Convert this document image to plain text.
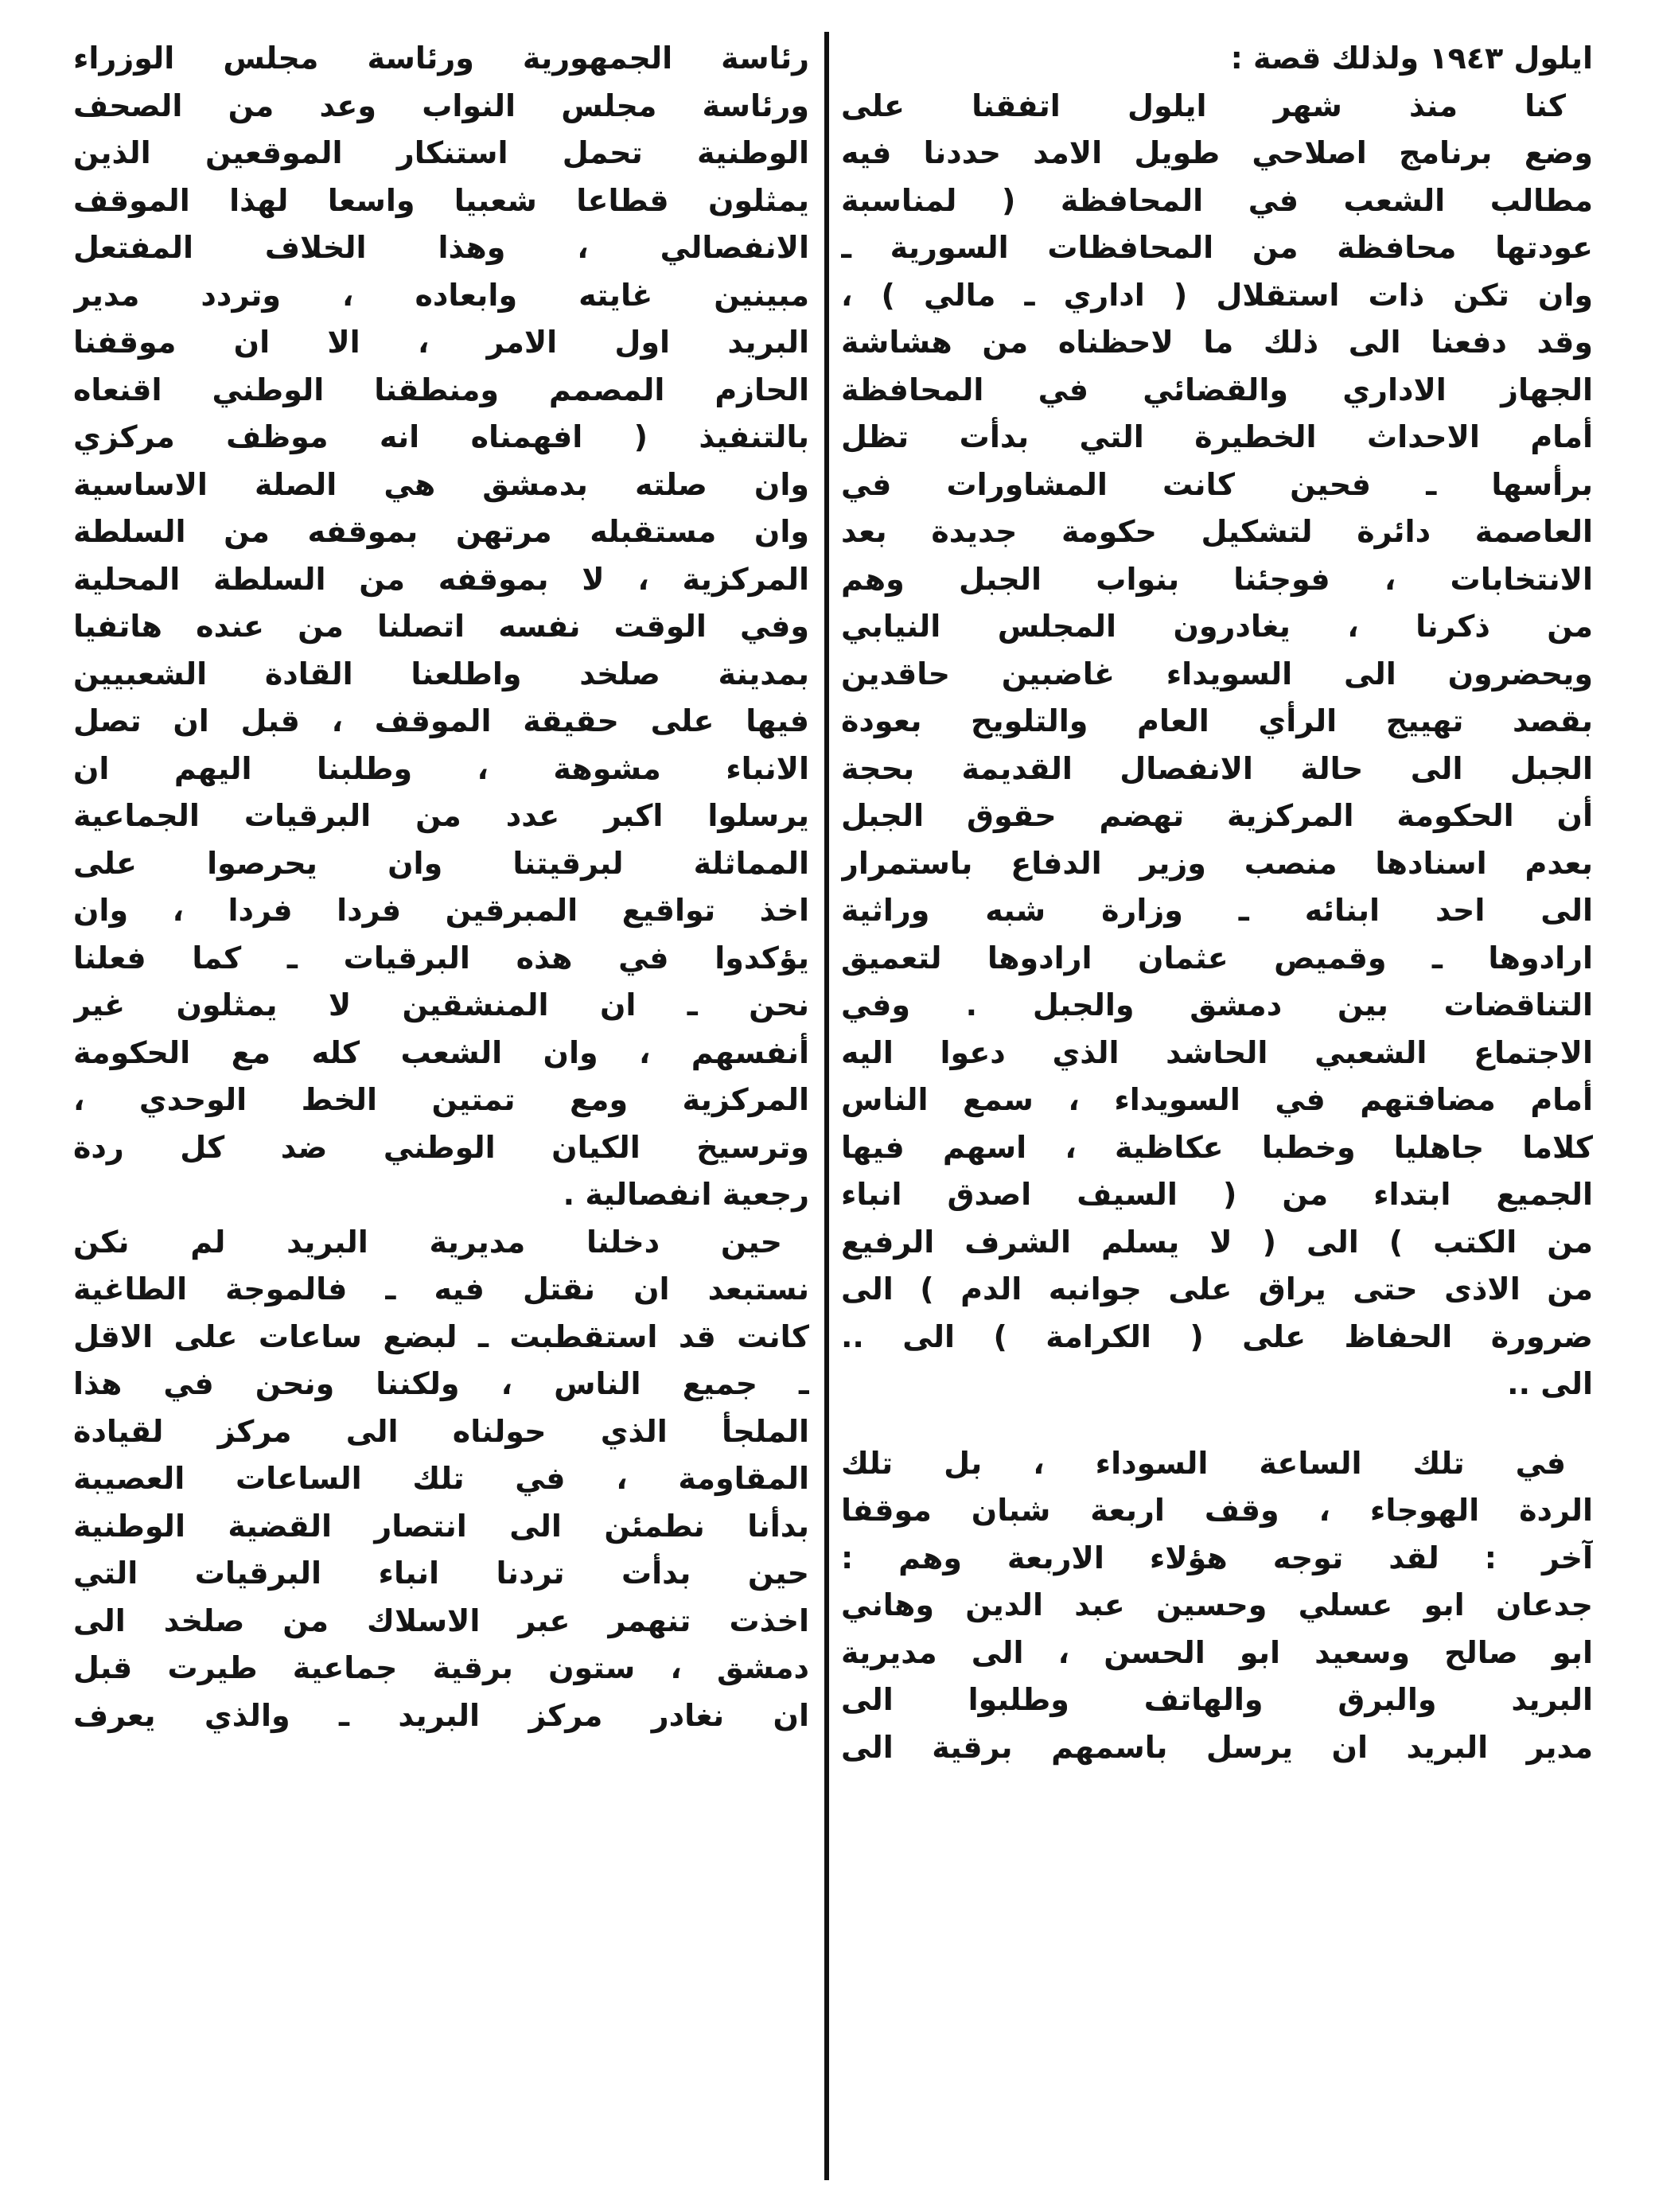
ايلول ١٩٤٣ ولذلك قصة :
كنا منذ شهر ايلول اتفقنا على
وضع برنامج اصلاحي طويل الامد حددنا فيه
مطالب الشعب في المحافظة ( لمناسبة
عودتها محافظة من المحافظات السورية ـ
وان تكن ذات استقلال ( اداري ـ مالي ) ،
وقد دفعنا الى ذلك ما لاحظناه من هشاشة
الجهاز الاداري والقضائي في المحافظة
أمام الاحداث الخطيرة التي بدأت تظل
برأسها ـ فحين كانت المشاورات في
العاصمة دائرة لتشكيل حكومة جديدة بعد
الانتخابات ، فوجئنا بنواب الجبل وهم
من ذكرنا ، يغادرون المجلس النيابي
ويحضرون الى السويداء غاضبين حاقدين
بقصد تهييج الرأي العام والتلويح بعودة
الجبل الى حالة الانفصال القديمة بحجة
أن الحكومة المركزية تهضم حقوق الجبل
بعدم اسنادها منصب وزير الدفاع باستمرار
الى احد ابنائه ـ وزارة شبه وراثية
ارادوها ـ وقميص عثمان ارادوها لتعميق
التناقضات بين دمشق والجبل . وفي
الاجتماع الشعبي الحاشد الذي دعوا اليه
أمام مضافتهم في السويداء ، سمع الناس
كلاما جاهليا وخطبا عكاظية ، اسهم فيها
الجميع ابتداء من ( السيف اصدق انباء
من الكتب ) الى ( لا يسلم الشرف الرفيع
من الاذى حتى يراق على جوانبه الدم ) الى
ضرورة الحفاظ على ( الكرامة ) الى ..
الى ..
في تلك الساعة السوداء ، بل تلك
الردة الهوجاء ، وقف اربعة شبان موقفا
آخر : لقد توجه هؤلاء الاربعة وهم :
جدعان ابو عسلي وحسين عبد الدين وهاني
ابو صالح وسعيد ابو الحسن ، الى مديرية
البريد والبرق والهاتف وطلبوا الى
مدير البريد ان يرسل باسمهم برقية الى
رئاسة الجمهورية ورئاسة مجلس الوزراء
ورئاسة مجلس النواب وعد من الصحف
الوطنية تحمل استنكار الموقعين الذين
يمثلون قطاعا شعبيا واسعا لهذا الموقف
الانفصالي ، وهذا الخلاف المفتعل
مبينين غايته وابعاده ، وتردد مدير
البريد اول الامر ، الا ان موقفنا
الحازم المصمم ومنطقنا الوطني اقنعاه
بالتنفيذ ( افهمناه انه موظف مركزي
وان صلته بدمشق هي الصلة الاساسية
وان مستقبله مرتهن بموقفه من السلطة
المركزية ، لا بموقفه من السلطة المحلية
وفي الوقت نفسه اتصلنا من عنده هاتفيا
بمدينة صلخد واطلعنا القادة الشعبيين
فيها على حقيقة الموقف ، قبل ان تصل
الانباء مشوهة ، وطلبنا اليهم ان
يرسلوا اكبر عدد من البرقيات الجماعية
المماثلة لبرقيتنا وان يحرصوا على
اخذ تواقيع المبرقين فردا فردا ، وان
يؤكدوا في هذه البرقيات ـ كما فعلنا
نحن ـ ان المنشقين لا يمثلون غير
أنفسهم ، وان الشعب كله مع الحكومة
المركزية ومع تمتين الخط الوحدي ،
وترسيخ الكيان الوطني ضد كل ردة
رجعية انفصالية .
حين دخلنا مديرية البريد لم نكن
نستبعد ان نقتل فيه ـ فالموجة الطاغية
كانت قد استقطبت ـ لبضع ساعات على الاقل
ـ جميع الناس ، ولكننا ونحن في هذا
الملجأ الذي حولناه الى مركز لقيادة
المقاومة ، في تلك الساعات العصيبة
بدأنا نطمئن الى انتصار القضية الوطنية
حين بدأت تردنا انباء البرقيات التي
اخذت تنهمر عبر الاسلاك من صلخد الى
دمشق ، ستون برقية جماعية طيرت قبل
ان نغادر مركز البريد ـ والذي يعرف
